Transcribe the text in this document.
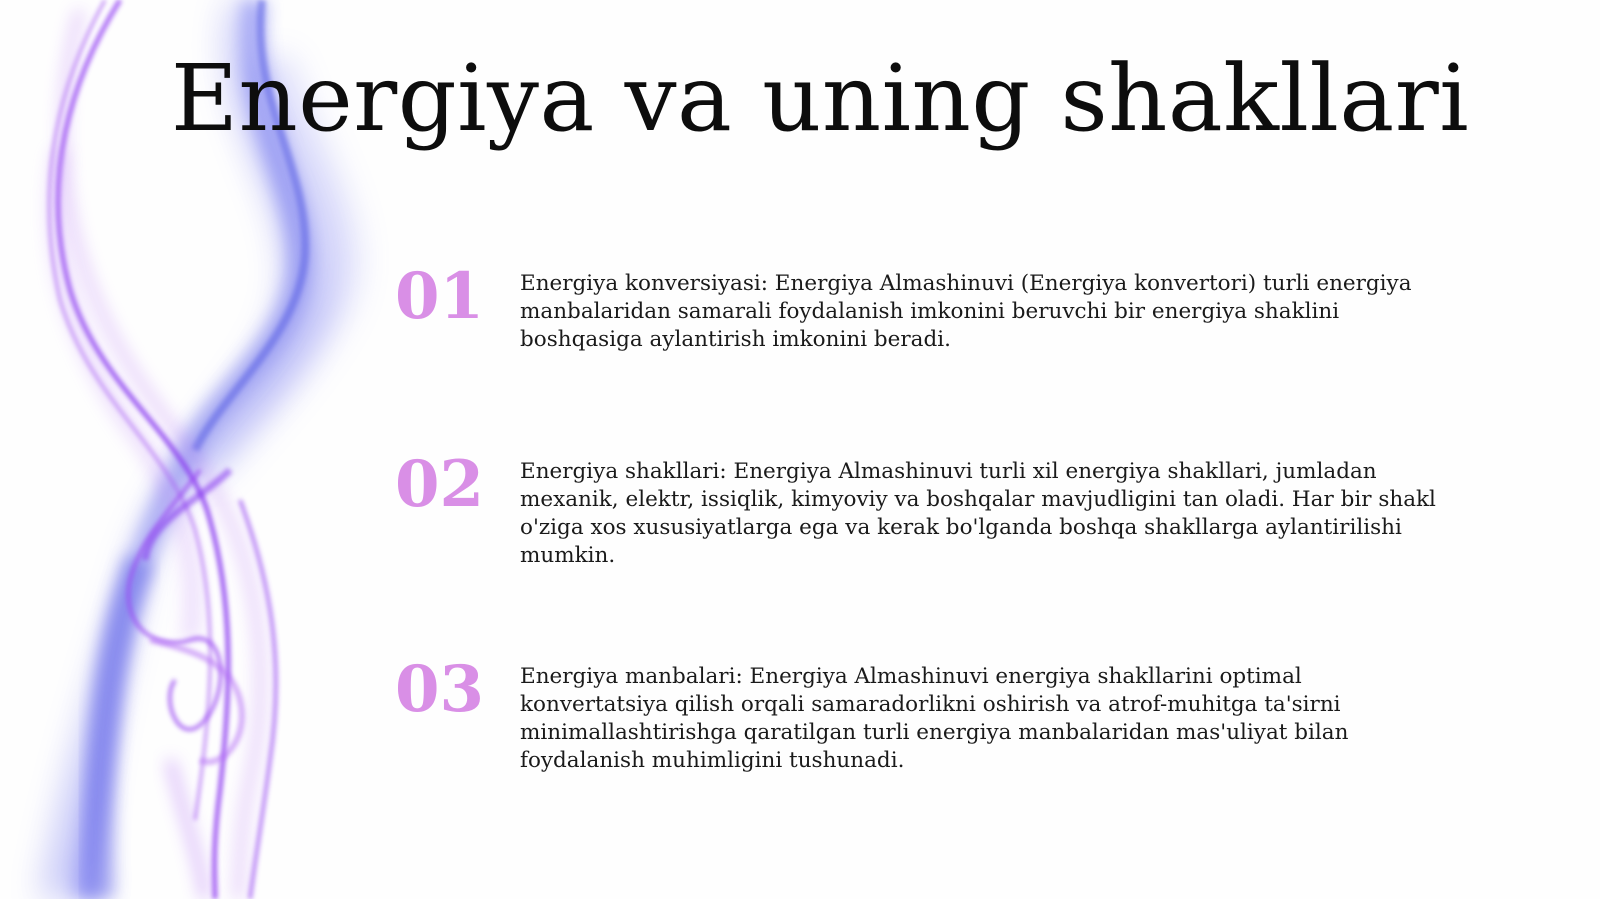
Energiya va uning shakllari
01	Energiya konversiyasi: Energiya Almashinuvi (Energiya konvertori) turli energiya manbalaridan samarali foydalanish imkonini beruvchi bir energiya shaklini boshqasiga aylantirish imkonini beradi.
02	Energiya shakllari: Energiya Almashinuvi turli xil energiya shakllari, jumladan mexanik, elektr, issiqlik, kimyoviy va boshqalar mavjudligini tan oladi. Har bir shakl o'ziga xos xususiyatlarga ega va kerak bo'lganda boshqa shakllarga aylantirilishi mumkin.
03	Energiya manbalari: Energiya Almashinuvi energiya shakllarini optimal konvertatsiya qilish orqali samaradorlikni oshirish va atrof-muhitga ta'sirni minimallashtirishga qaratilgan turli energiya manbalaridan mas'uliyat bilan foydalanish muhimligini tushunadi.
